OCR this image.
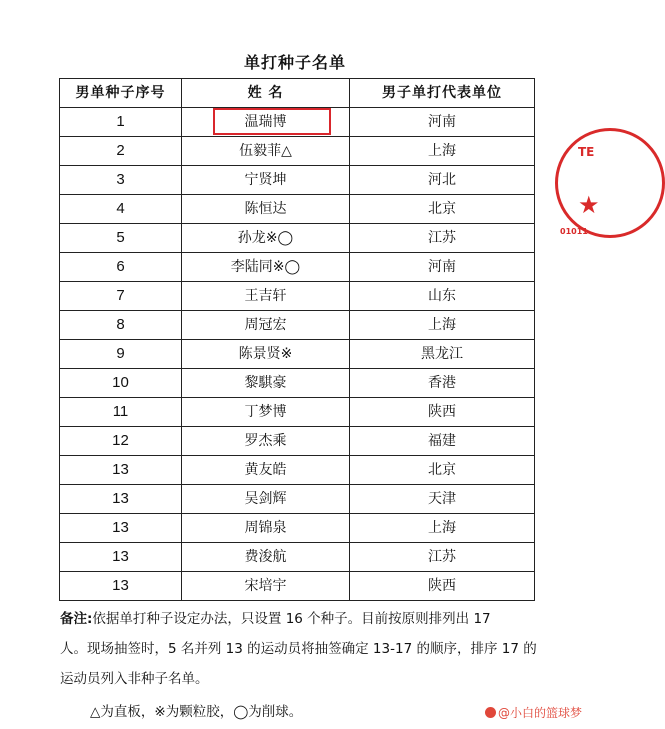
单打种子名单
男单种子序号	姓 名	男子单打代表单位
1	温瑞博	河南
2	伍毅菲△	上海
3	宁贤坤	河北
4	陈恒达	北京
5	孙龙※◯	江苏
6	李陆同※◯	河南
7	王吉轩	山东
8	周冠宏	上海
9	陈景贤※	黑龙江
10	黎騏豪	香港
11	丁梦博	陕西
12	罗杰乘	福建
13	黄友皓	北京
13	吴剑辉	天津
13	周锦泉	上海
13	费浚航	江苏
13	宋培宇	陕西
备注:依据单打种子设定办法，只设置 16 个种子。目前按原则排列出 17
人。现场抽签时，5 名并列 13 的运动员将抽签确定 13-17 的顺序，排序 17 的
运动员列入非种子名单。
△为直板，※为颗粒胶，◯为削球。
TE
★
01011
@小白的篮球梦
